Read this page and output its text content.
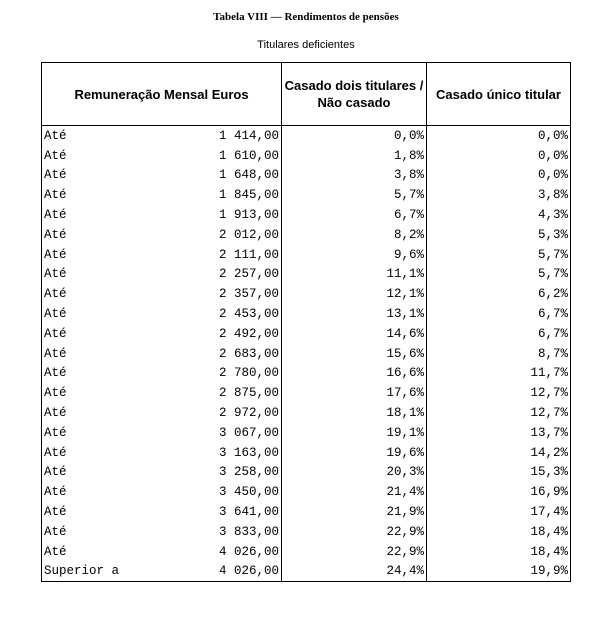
Tabela VIII — Rendimentos de pensões
Titulares deficientes
Remuneração Mensal Euros		Casado dois titulares / Não casado	Casado único titular
Até	1 414,00	0,0%	0,0%
Até	1 610,00	1,8%	0,0%
Até	1 648,00	3,8%	0,0%
Até	1 845,00	5,7%	3,8%
Até	1 913,00	6,7%	4,3%
Até	2 012,00	8,2%	5,3%
Até	2 111,00	9,6%	5,7%
Até	2 257,00	11,1%	5,7%
Até	2 357,00	12,1%	6,2%
Até	2 453,00	13,1%	6,7%
Até	2 492,00	14,6%	6,7%
Até	2 683,00	15,6%	8,7%
Até	2 780,00	16,6%	11,7%
Até	2 875,00	17,6%	12,7%
Até	2 972,00	18,1%	12,7%
Até	3 067,00	19,1%	13,7%
Até	3 163,00	19,6%	14,2%
Até	3 258,00	20,3%	15,3%
Até	3 450,00	21,4%	16,9%
Até	3 641,00	21,9%	17,4%
Até	3 833,00	22,9%	18,4%
Até	4 026,00	22,9%	18,4%
Superior a	4 026,00	24,4%	19,9%
